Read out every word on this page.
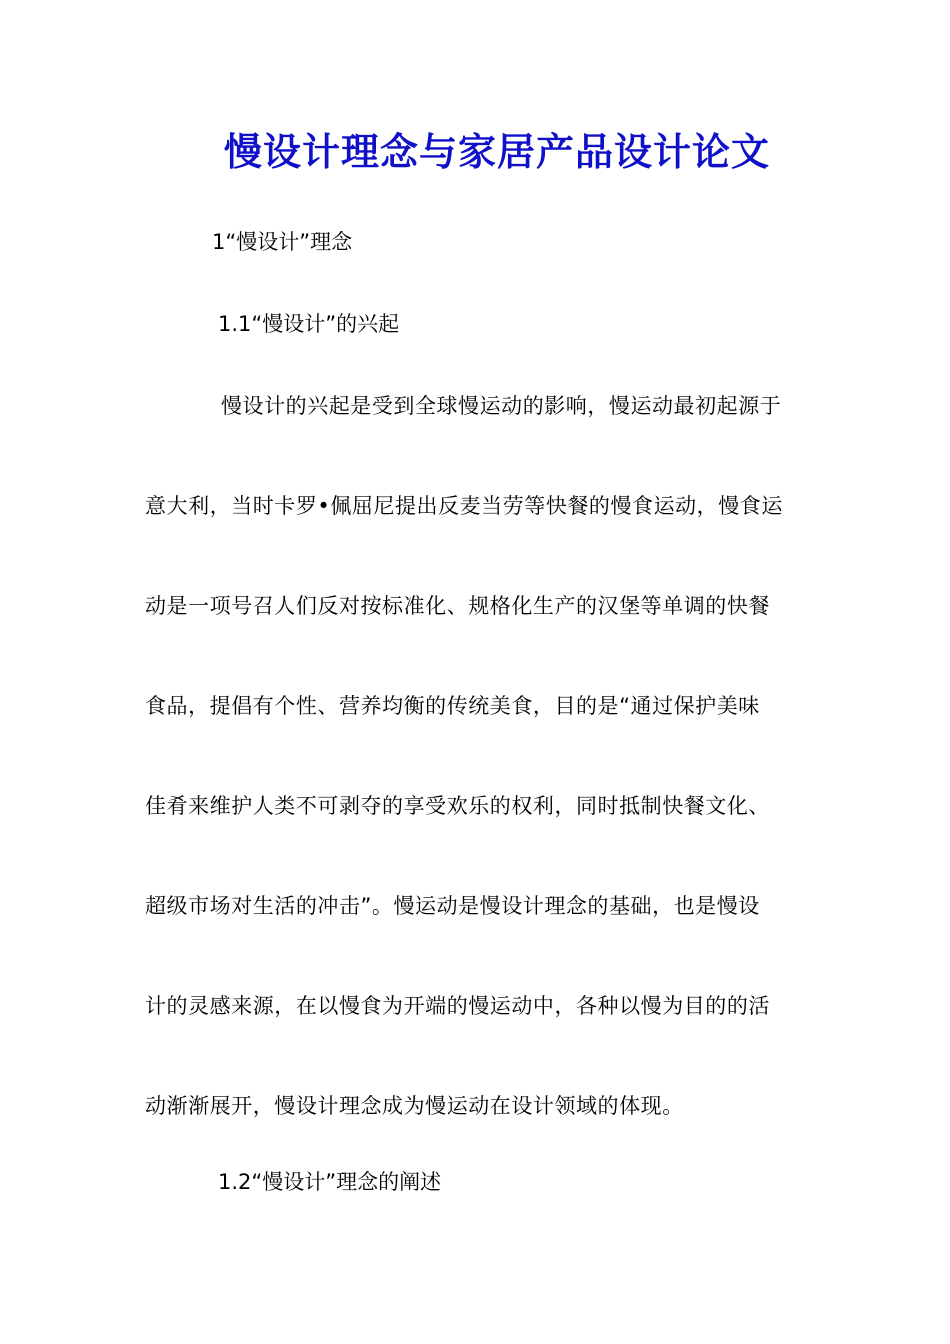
慢设计理念与家居产品设计论文
1“慢设计”理念
1.1“慢设计”的兴起
慢设计的兴起是受到全球慢运动的影响，慢运动最初起源于
意大利，当时卡罗•佩屈尼提出反麦当劳等快餐的慢食运动，慢食运
动是一项号召人们反对按标准化、规格化生产的汉堡等单调的快餐
食品，提倡有个性、营养均衡的传统美食，目的是“通过保护美味
佳肴来维护人类不可剥夺的享受欢乐的权利，同时抵制快餐文化、
超级市场对生活的冲击”。慢运动是慢设计理念的基础，也是慢设
计的灵感来源，在以慢食为开端的慢运动中，各种以慢为目的的活
动渐渐展开，慢设计理念成为慢运动在设计领域的体现。
1.2“慢设计”理念的阐述
